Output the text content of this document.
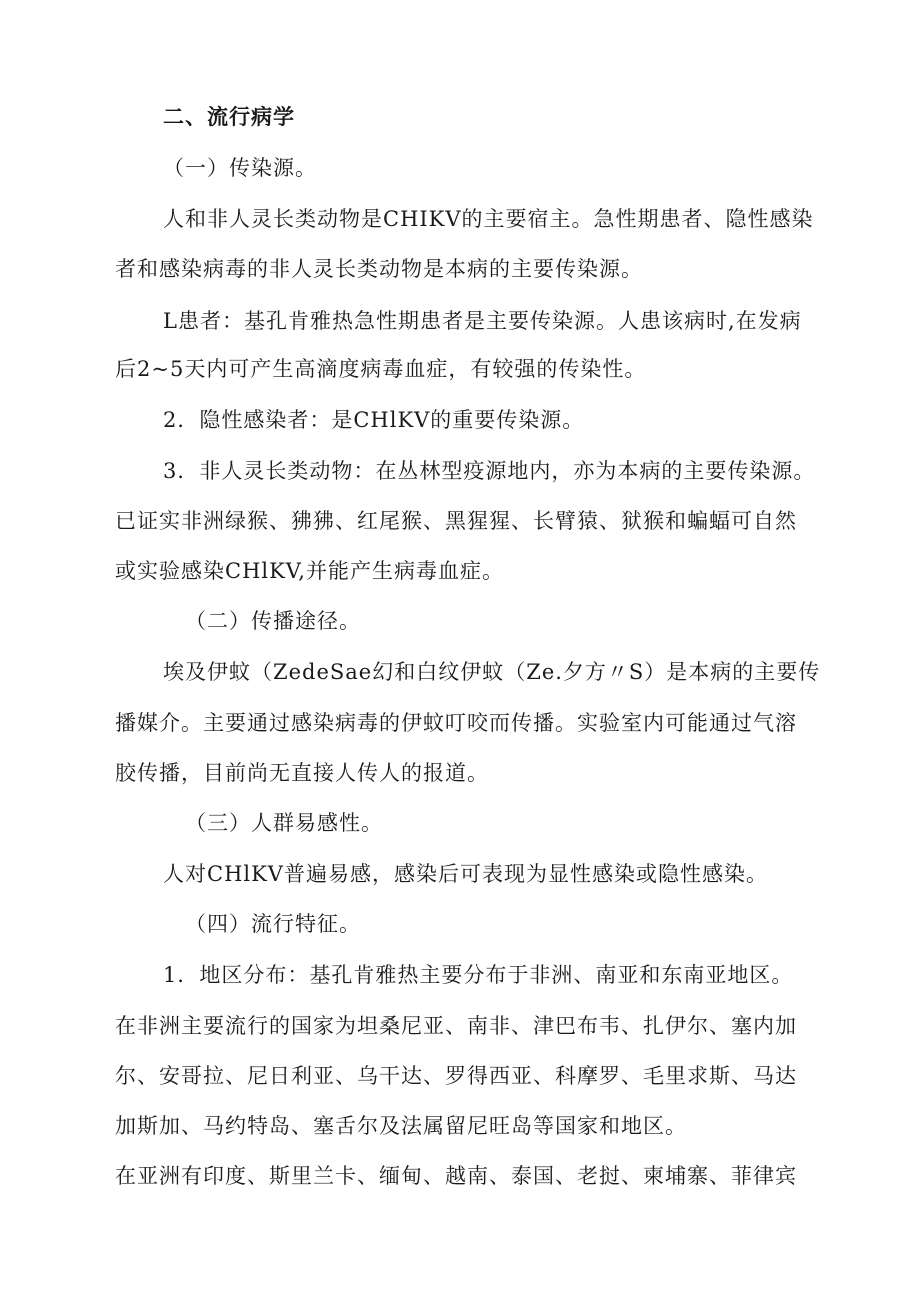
二、流行病学
（一）传染源。
人和非人灵长类动物是CHIKV的主要宿主。急性期患者、隐性感染
者和感染病毒的非人灵长类动物是本病的主要传染源。
L患者：基孔肯雅热急性期患者是主要传染源。人患该病时,在发病
后2~5天内可产生高滴度病毒血症，有较强的传染性。
2．隐性感染者：是CHlKV的重要传染源。
3．非人灵长类动物：在丛林型疫源地内，亦为本病的主要传染源。
已证实非洲绿猴、狒狒、红尾猴、黑猩猩、长臂猿、狱猴和蝙蝠可自然
或实验感染CHlKV,并能产生病毒血症。
（二）传播途径。
埃及伊蚊（ZedeSae幻和白纹伊蚊（Ze.夕方〃S）是本病的主要传
播媒介。主要通过感染病毒的伊蚊叮咬而传播。实验室内可能通过气溶
胶传播，目前尚无直接人传人的报道。
（三）人群易感性。
人对CHlKV普遍易感，感染后可表现为显性感染或隐性感染。
（四）流行特征。
1．地区分布：基孔肯雅热主要分布于非洲、南亚和东南亚地区。
在非洲主要流行的国家为坦桑尼亚、南非、津巴布韦、扎伊尔、塞内加
尔、安哥拉、尼日利亚、乌干达、罗得西亚、科摩罗、毛里求斯、马达
加斯加、马约特岛、塞舌尔及法属留尼旺岛等国家和地区。
在亚洲有印度、斯里兰卡、缅甸、越南、泰国、老挝、柬埔寨、菲律宾
